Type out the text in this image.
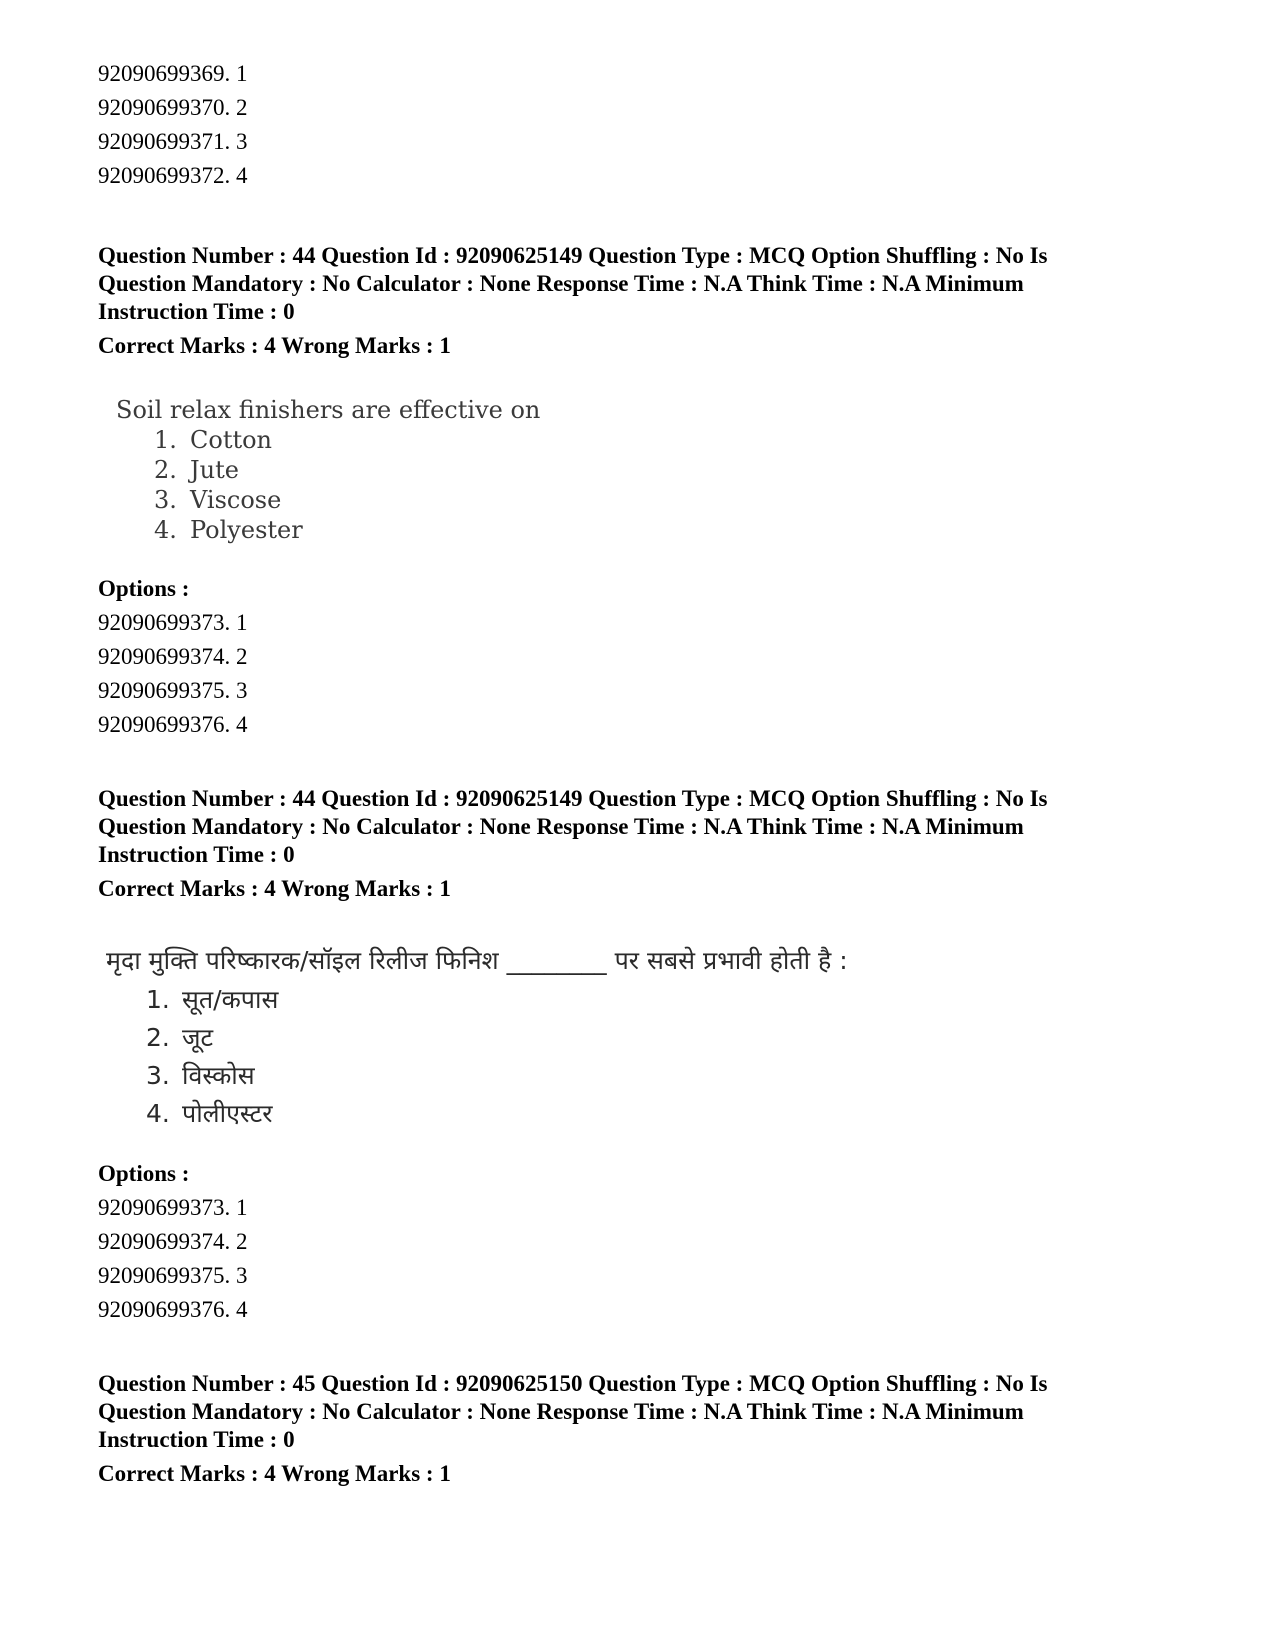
92090699369. 1
92090699370. 2
92090699371. 3
92090699372. 4
Question Number : 44 Question Id : 92090625149 Question Type : MCQ Option Shuffling : No Is
Question Mandatory : No Calculator : None Response Time : N.A Think Time : N.A Minimum
Instruction Time : 0
Correct Marks : 4 Wrong Marks : 1
Soil relax finishers are effective on
1. Cotton
2. Jute
3. Viscose
4. Polyester
Options :
92090699373. 1
92090699374. 2
92090699375. 3
92090699376. 4
Question Number : 44 Question Id : 92090625149 Question Type : MCQ Option Shuffling : No Is
Question Mandatory : No Calculator : None Response Time : N.A Think Time : N.A Minimum
Instruction Time : 0
Correct Marks : 4 Wrong Marks : 1
मृदा मुक्ति परिष्कारक/सॉइल रिलीज फिनिश ________ पर सबसे प्रभावी होती है :
1. सूत/कपास
2. जूट
3. विस्कोस
4. पोलीएस्टर
Options :
92090699373. 1
92090699374. 2
92090699375. 3
92090699376. 4
Question Number : 45 Question Id : 92090625150 Question Type : MCQ Option Shuffling : No Is
Question Mandatory : No Calculator : None Response Time : N.A Think Time : N.A Minimum
Instruction Time : 0
Correct Marks : 4 Wrong Marks : 1
